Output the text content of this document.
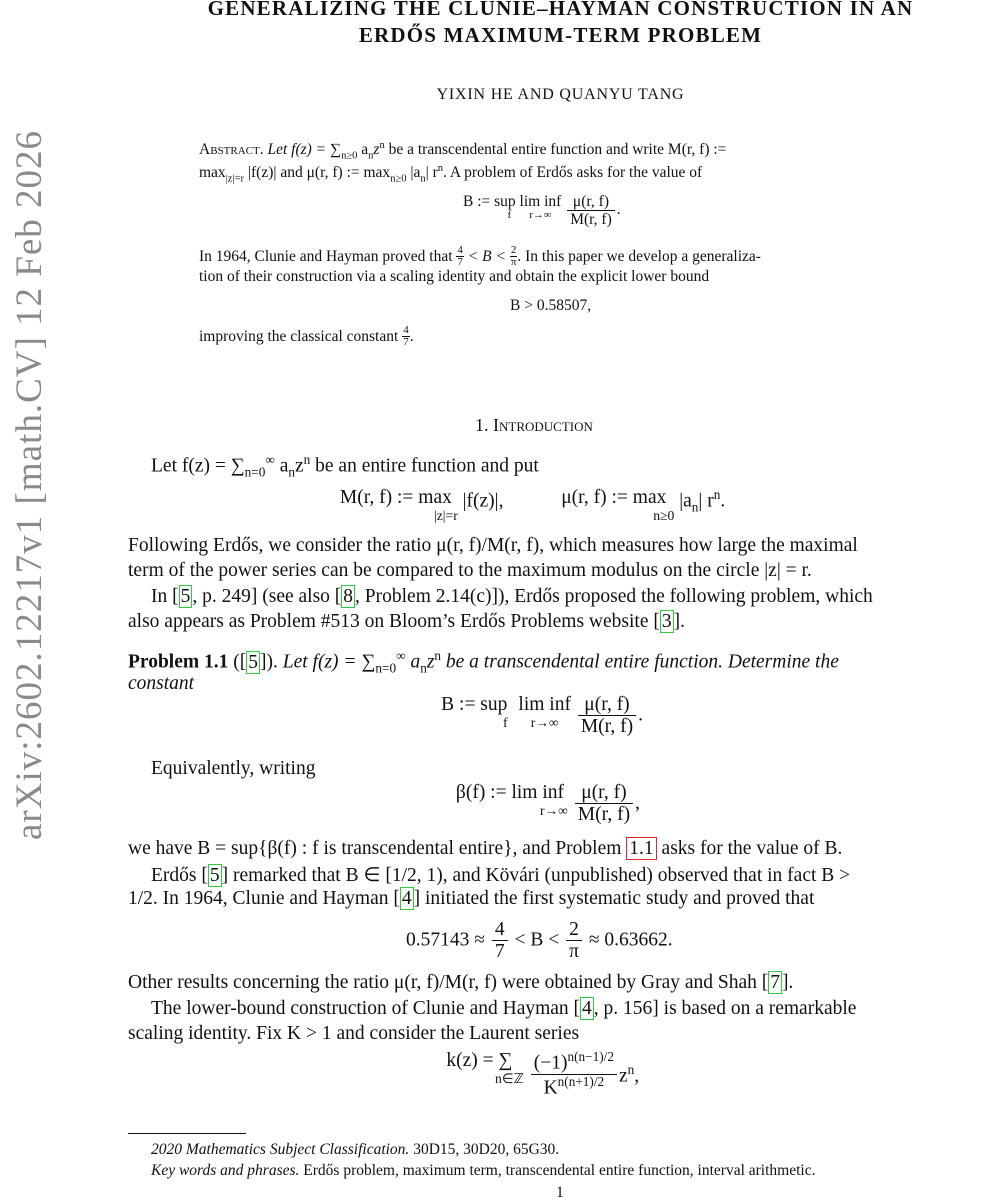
arXiv:2602.12217v1 [math.CV] 12 Feb 2026
GENERALIZING THE CLUNIE–HAYMAN CONSTRUCTION IN AN
ERDŐS MAXIMUM-TERM PROBLEM
YIXIN HE AND QUANYU TANG
Abstract. Let $f(z) = \sum_{n\ge 0}$ $a_nz^n$ be a transcendental entire function and write M(r, f) :=
$\max_{|z|=r} |f(z)|$ and μ(r, f) := $\max_{n\ge 0} |a_n|$ $r^n$. A problem of Erdős asks for the value of
B := sup
f
lim inf
r→∞
	$\frac{\mu(r, f)}{M(r, f)}$ .
In 1964, Clunie and Hayman proved that $\frac{4}{7} < B < \frac{2}{\pi}$ . In this paper we develop a generaliza-
tion of their construction via a scaling identity and obtain the explicit lower bound
B > 0.58507,
improving the classical constant $\frac{4}{7}$ .
1. Introduction
Let $f(z) = \sum_{n=0}^\infty$ $a_nz^n$ be an entire function and put
M(r, f) := max
|z|=r
|f(z)|,	μ(r, f) := max
n≥0
$|a_n|$ $r^n$.
Following Erdős, we consider the ratio μ(r, f)/M(r, f), which measures how large the maximal
term of the power series can be compared to the maximum modulus on the circle |z| = r.
In [ 5 , p. 249] (see also [ 8 , Problem 2.14(c)]), Erdős proposed the following problem, which
also appears as Problem #513 on Bloom’s Erdős Problems website [ 3 ].
Problem 1.1 ([ 5 ]). Let $f(z) = \sum_{n=0}^\infty$ $a_nz^n$ be a transcendental entire function. Determine the
constant
B := sup
f
lim inf
r→∞
$\frac{\mu(r, f)}{M(r, f)}$ .
Equivalently, writing
β(f) := lim inf
r→∞
$\frac{\mu(r, f)}{M(r, f)}$ ,
we have B = sup{β(f) : f is transcendental entire}, and Problem 1.1 asks for the value of B.
Erdős [ 5 ] remarked that B ∈ [1/2, 1), and Kövári (unpublished) observed that in fact B >
1/2. In 1964, Clunie and Hayman [ 4 ] initiated the first systematic study and proved that
$0.57143 \approx \frac{4}{7} < B < \frac{2}{\pi} \approx 0.63662$.
Other results concerning the ratio μ(r, f)/M(r, f) were obtained by Gray and Shah [ 7 ].
The lower-bound construction of Clunie and Hayman [ 4 , p. 156] is based on a remarkable
scaling identity. Fix K > 1 and consider the Laurent series
k(z) = ∑
n∈ℤ
$\frac{(-1)^{n(n-1)/2}}{K^{n(n+1)/2}} z^n$,
2020 Mathematics Subject Classification. 30D15, 30D20, 65G30.
Key words and phrases. Erdős problem, maximum term, transcendental entire function, interval arithmetic.
1
